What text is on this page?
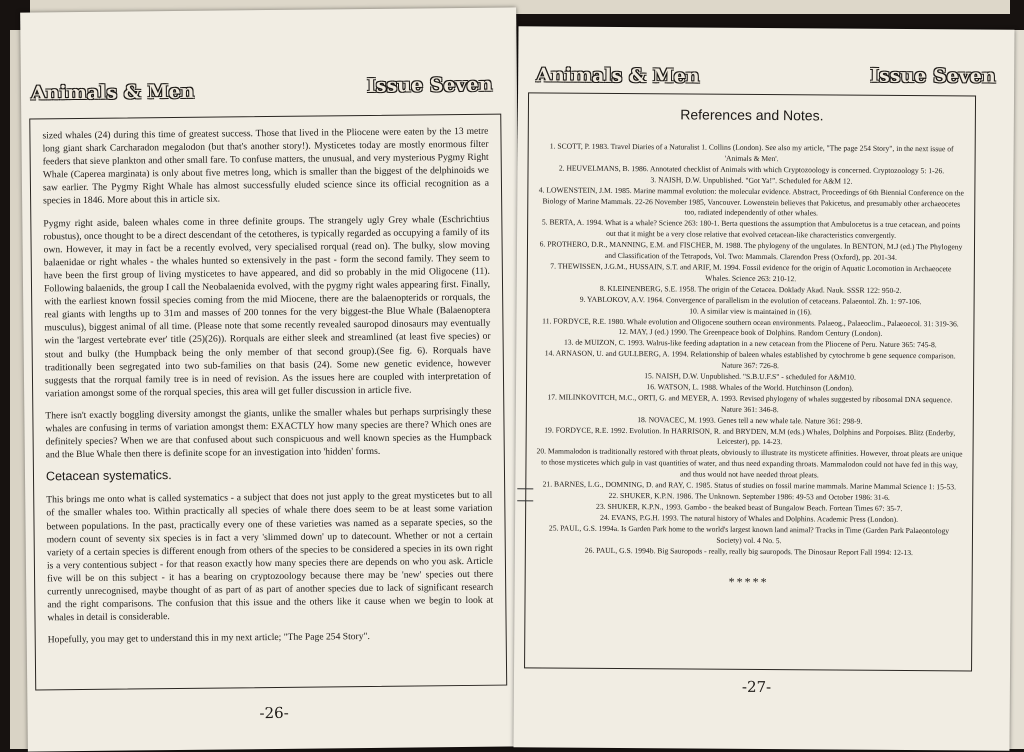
Animals & Men	Issue Seven

sized whales (24) during this time of greatest success. Those that lived in the Pliocene were eaten by the 13 metre long giant shark Carcharadon megalodon (but that's another story!). Mysticetes today are mostly enormous filter feeders that sieve plankton and other small fare. To confuse matters, the unusual, and very mysterious Pygmy Right Whale (Caperea marginata) is only about five metres long, which is smaller than the biggest of the delphinoids we saw earlier. The Pygmy Right Whale has almost successfully eluded science since its official recognition as a species in 1846. More about this in article six.

Pygmy right aside, baleen whales come in three definite groups. The strangely ugly Grey whale (Eschrichtius robustus), once thought to be a direct descendant of the cetotheres, is typically regarded as occupying a family of its own. However, it may in fact be a recently evolved, very specialised rorqual (read on). The bulky, slow moving balaenidae or right whales - the whales hunted so extensively in the past - form the second family. They seem to have been the first group of living mysticetes to have appeared, and did so probably in the mid Oligocene (11). Following balaenids, the group I call the Neobalaenida evolved, with the pygmy right wales appearing first. Finally, with the earliest known fossil species coming from the mid Miocene, there are the balaenopterids or rorquals, the real giants with lengths up to 31m and masses of 200 tonnes for the very biggest-the Blue Whale (Balaenoptera musculus), biggest animal of all time. (Please note that some recently revealed sauropod dinosaurs may eventually win the 'largest vertebrate ever' title (25)(26)). Rorquals are either sleek and streamlined (at least five species) or stout and bulky (the Humpback being the only member of that second group).(See fig. 6). Rorquals have traditionally been segregated into two sub-families on that basis (24). Some new genetic evidence, however suggests that the rorqual family tree is in need of revision. As the issues here are coupled with interpretation of variation amongst some of the rorqual species, this area will get fuller discussion in article five.

There isn't exactly boggling diversity amongst the giants, unlike the smaller whales but perhaps surprisingly these whales are confusing in terms of variation amongst them: EXACTLY how many species are there? Which ones are definitely species? When we are that confused about such conspicuous and well known species as the Humpback and the Blue Whale then there is definite scope for an investigation into 'hidden' forms.

Cetacean systematics.

This brings me onto what is called systematics - a subject that does not just apply to the great mysticetes but to all of the smaller whales too. Within practically all species of whale there does seem to be at least some variation between populations. In the past, practically every one of these varieties was named as a separate species, so the modern count of seventy six species is in fact a very 'slimmed down' up to datecount. Whether or not a certain variety of a certain species is different enough from others of the species to be considered a species in its own right is a very contentious subject - for that reason exactly how many species there are depends on who you ask. Article five will be on this subject - it has a bearing on cryptozoology because there may be 'new' species out there currently unrecognised, maybe thought of as part of as part of another species due to lack of significant research and the right comparisons. The confusion that this issue and the others like it cause when we begin to look at whales in detail is considerable.

Hopefully, you may get to understand this in my next article; "The Page 254 Story".

-26-
Animals & Men	Issue Seven
References and Notes.

1. SCOTT, P. 1983. Travel Diaries of a Naturalist 1. Collins (London). See also my article, "The page 254 Story", in the next issue of 'Animals & Men'.

2. HEUVELMANS, B. 1986. Annotated checklist of Animals with which Cryptozoology is concerned. Cryptozoology 5: 1-26.

3. NAISH, D.W. Unpublished. "Got Ya!". Scheduled for A&M 12.

4. LOWENSTEIN, J.M. 1985. Marine mammal evolution: the molecular evidence. Abstract, Proceedings of 6th Biennial Conference on the Biology of Marine Mammals. 22-26 November 1985, Vancouver. Lowenstein believes that Pakicetus, and presumably other archaeocetes too, radiated independently of other whales.

5. BERTA, A. 1994. What is a whale? Science 263: 180-1. Berta questions the assumption that Ambulocetus is a true cetacean, and points out that it might be a very close relative that evolved cetacean-like characteristics convergently.

6. PROTHERO, D.R., MANNING, E.M. and FISCHER, M. 1988. The phylogeny of the ungulates. In BENTON, M.J (ed.) The Phylogeny and Classification of the Tetrapods, Vol. Two: Mammals. Clarendon Press (Oxford), pp. 201-34.

7. THEWISSEN, J.G.M., HUSSAIN, S.T. and ARIF, M. 1994. Fossil evidence for the origin of Aquatic Locomotion in Archaeocete Whales. Science 263: 210-12.

8. KLEINENBERG, S.E. 1958. The origin of the Cetacea. Doklady Akad. Nauk. SSSR 122: 950-2.

9. YABLOKOV, A.V. 1964. Convergence of parallelism in the evolution of cetaceans. Palaeontol. Zh. 1: 97-106.

10. A similar view is maintained in (16).

11. FORDYCE, R.E. 1980. Whale evolution and Oligocene southern ocean environments. Palaeog., Palaeoclim., Palaeoecol. 31: 319-36.

12. MAY, J (ed.) 1990. The Greenpeace book of Dolphins. Random Century (London).

13. de MUIZON, C. 1993. Walrus-like feeding adaptation in a new cetacean from the Pliocene of Peru. Nature 365: 745-8.

14. ARNASON, U. and GULLBERG, A. 1994. Relationship of baleen whales established by cytochrome b gene sequence comparison. Nature 367: 726-8.

15. NAISH, D.W. Unpublished. "S.B.U.F.S" - scheduled for A&M10.

16. WATSON, L. 1988. Whales of the World. Hutchinson (London).

17. MILINKOVITCH, M.C., ORTI, G. and MEYER, A. 1993. Revised phylogeny of whales suggested by ribosomal DNA sequence. Nature 361: 346-8.

18. NOVACEC, M. 1993. Genes tell a new whale tale. Nature 361: 298-9.

19. FORDYCE, R.E. 1992. Evolution. In HARRISON, R. and BRYDEN, M.M (eds.) Whales, Dolphins and Porpoises. Blitz (Enderby, Leicester), pp. 14-23.

20. Mammalodon is traditionally restored with throat pleats, obviously to illustrate its mysticete affinities. However, throat pleats are unique to those mysticetes which gulp in vast quantities of water, and thus need expanding throats. Mammalodon could not have fed in this way, and thus would not have needed throat pleats.

21. BARNES, L.G., DOMNING, D. and RAY, C. 1985. Status of studies on fossil marine mammals. Marine Mammal Science 1: 15-53.

22. SHUKER, K.P.N. 1986. The Unknown. September 1986: 49-53 and October 1986: 31-6.

23. SHUKER, K.P.N., 1993. Gambo - the beaked beast of Bungalow Beach. Fortean Times 67: 35-7.

24. EVANS, P.G.H. 1993. The natural history of Whales and Dolphins. Academic Press (London).

25. PAUL, G.S. 1994a. Is Garden Park home to the world's largest known land animal? Tracks in Time (Garden Park Palaeontology Society) vol. 4 No. 5.

26. PAUL, G.S. 1994b. Big Sauropods - really, really big sauropods. The Dinosaur Report Fall 1994: 12-13.

*****
-27-
